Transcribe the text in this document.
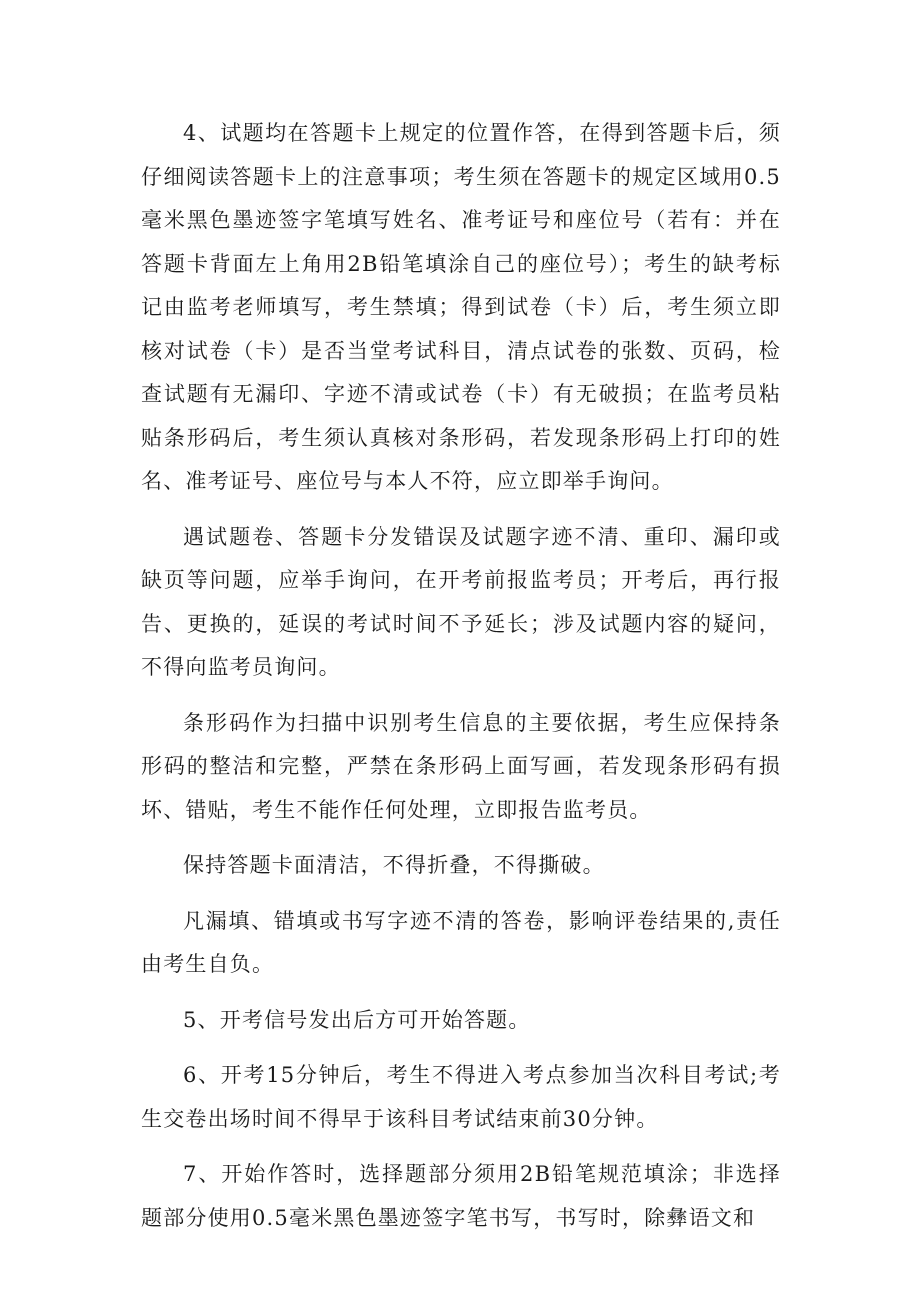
4、试题均在答题卡上规定的位置作答，在得到答题卡后，须仔细阅读答题卡上的注意事项；考生须在答题卡的规定区域用0.5毫米黑色墨迹签字笔填写姓名、准考证号和座位号（若有：并在答题卡背面左上角用2B铅笔填涂自己的座位号）；考生的缺考标记由监考老师填写，考生禁填；得到试卷（卡）后，考生须立即核对试卷（卡）是否当堂考试科目，清点试卷的张数、页码，检查试题有无漏印、字迹不清或试卷（卡）有无破损；在监考员粘贴条形码后，考生须认真核对条形码，若发现条形码上打印的姓名、准考证号、座位号与本人不符，应立即举手询问。

遇试题卷、答题卡分发错误及试题字迹不清、重印、漏印或缺页等问题，应举手询问，在开考前报监考员；开考后，再行报告、更换的，延误的考试时间不予延长；涉及试题内容的疑问，不得向监考员询问。

条形码作为扫描中识别考生信息的主要依据，考生应保持条形码的整洁和完整，严禁在条形码上面写画，若发现条形码有损坏、错贴，考生不能作任何处理，立即报告监考员。

保持答题卡面清洁，不得折叠，不得撕破。

凡漏填、错填或书写字迹不清的答卷，影响评卷结果的,责任由考生自负。

5、开考信号发出后方可开始答题。

6、开考15分钟后，考生不得进入考点参加当次科目考试;考生交卷出场时间不得早于该科目考试结束前30分钟。

7、开始作答时，选择题部分须用2B铅笔规范填涂；非选择题部分使用0.5毫米黑色墨迹签字笔书写，书写时，除彝语文和
